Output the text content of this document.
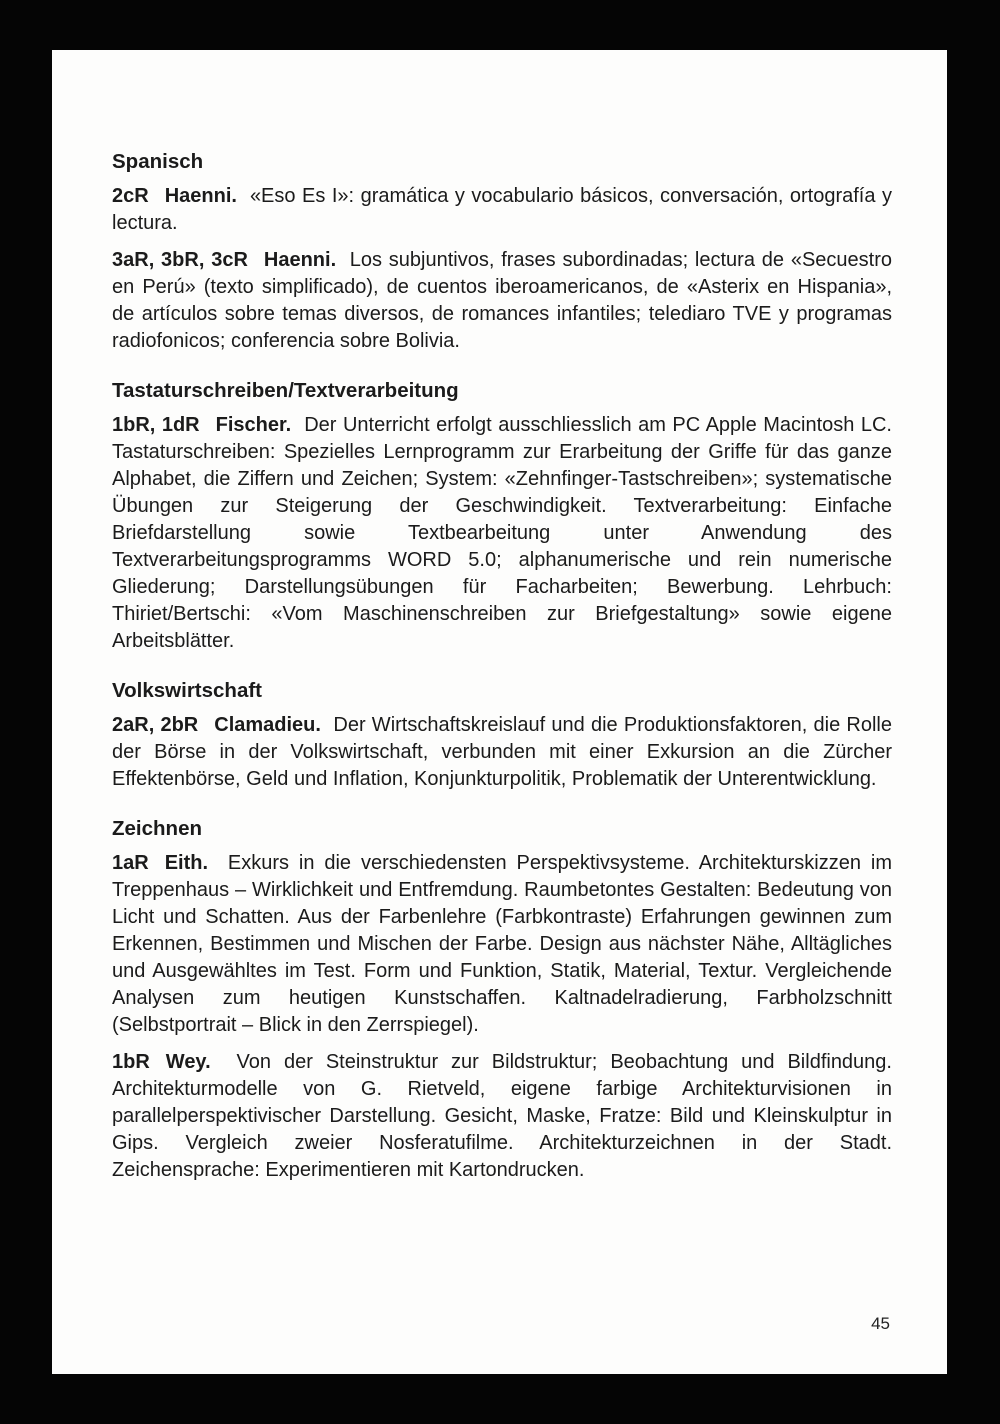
Spanisch

2cR Haenni. «Eso Es I»: gramática y vocabulario básicos, conversación, ortografía y lectura.

3aR, 3bR, 3cR Haenni. Los subjuntivos, frases subordinadas; lectura de «Secuestro en Perú» (texto simplificado), de cuentos iberoamericanos, de «Asterix en Hispania», de artículos sobre temas diversos, de romances infantiles; telediaro TVE y programas radiofonicos; conferencia sobre Bolivia.

Tastaturschreiben/Textverarbeitung

1bR, 1dR Fischer. Der Unterricht erfolgt ausschliesslich am PC Apple Macintosh LC. Tastaturschreiben: Spezielles Lernprogramm zur Erarbeitung der Griffe für das ganze Alphabet, die Ziffern und Zeichen; System: «Zehnfinger-Tastschreiben»; systematische Übungen zur Steigerung der Geschwindigkeit. Textverarbeitung: Einfache Briefdarstellung sowie Textbearbeitung unter Anwendung des Textverarbeitungsprogramms WORD 5.0; alphanumerische und rein numerische Gliederung; Darstellungsübungen für Facharbeiten; Bewerbung. Lehrbuch: Thiriet/Bertschi: «Vom Maschinenschreiben zur Briefgestaltung» sowie eigene Arbeitsblätter.

Volkswirtschaft

2aR, 2bR Clamadieu. Der Wirtschaftskreislauf und die Produktionsfaktoren, die Rolle der Börse in der Volkswirtschaft, verbunden mit einer Exkursion an die Zürcher Effektenbörse, Geld und Inflation, Konjunkturpolitik, Problematik der Unterentwicklung.

Zeichnen

1aR Eith. Exkurs in die verschiedensten Perspektivsysteme. Architekturskizzen im Treppenhaus – Wirklichkeit und Entfremdung. Raumbetontes Gestalten: Bedeutung von Licht und Schatten. Aus der Farbenlehre (Farbkontraste) Erfahrungen gewinnen zum Erkennen, Bestimmen und Mischen der Farbe. Design aus nächster Nähe, Alltägliches und Ausgewähltes im Test. Form und Funktion, Statik, Material, Textur. Vergleichende Analysen zum heutigen Kunstschaffen. Kaltnadelradierung, Farbholzschnitt (Selbstportrait – Blick in den Zerrspiegel).

1bR Wey. Von der Steinstruktur zur Bildstruktur; Beobachtung und Bildfindung. Architekturmodelle von G. Rietveld, eigene farbige Architekturvisionen in parallelperspektivischer Darstellung. Gesicht, Maske, Fratze: Bild und Kleinskulptur in Gips. Vergleich zweier Nosferatufilme. Architekturzeichnen in der Stadt. Zeichensprache: Experimentieren mit Kartondrucken.

45
